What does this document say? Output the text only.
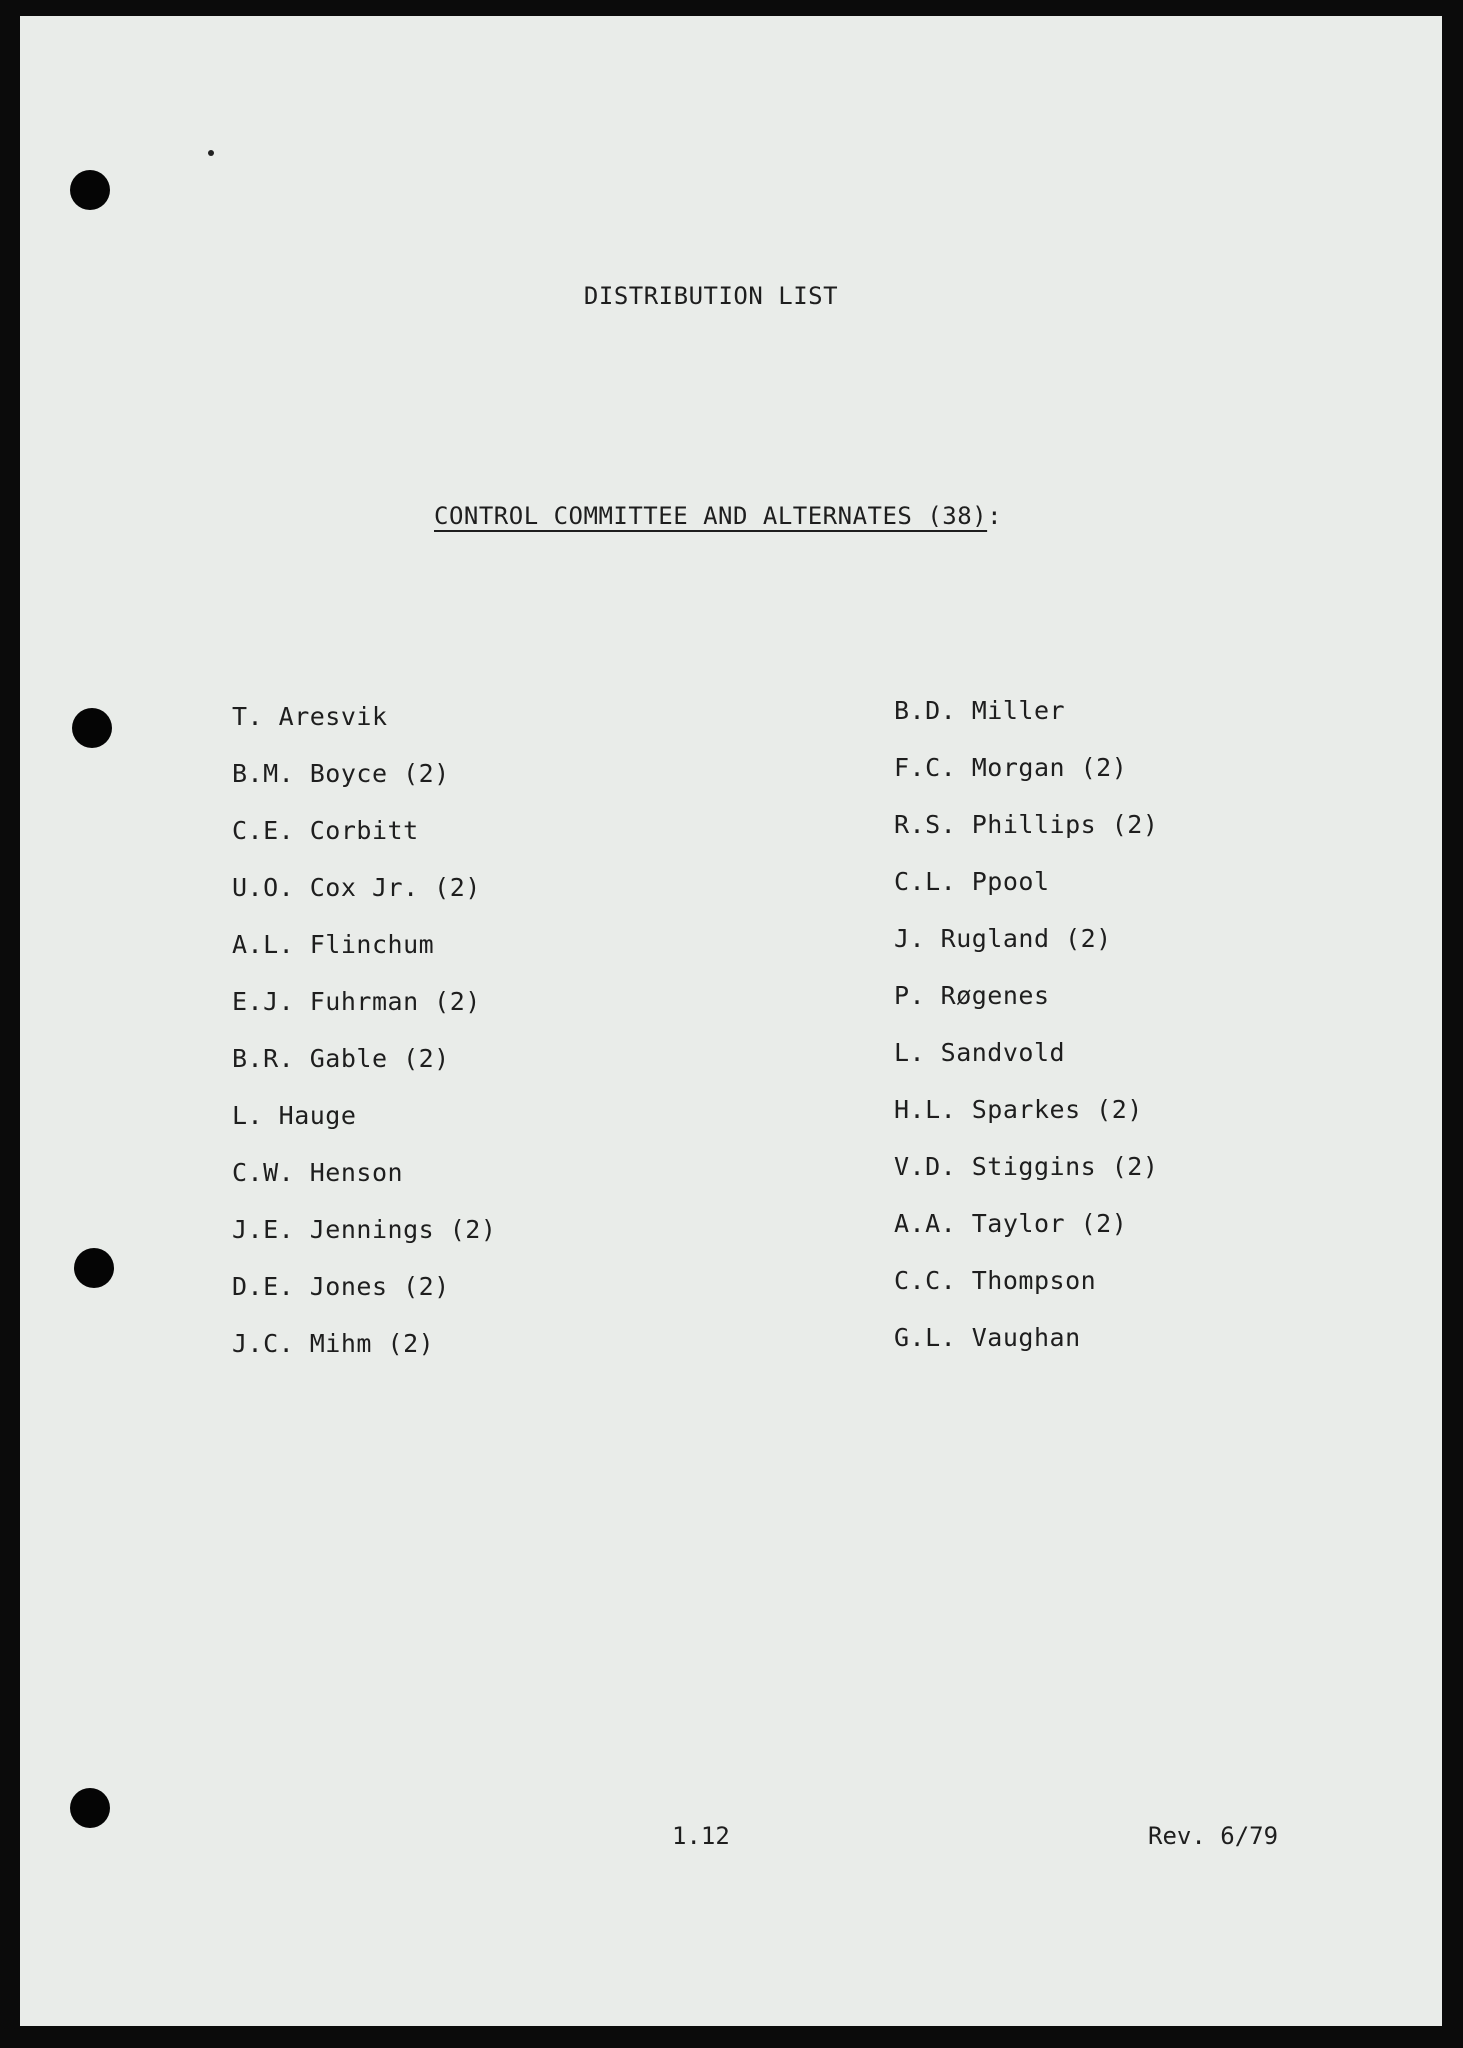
DISTRIBUTION LIST
CONTROL COMMITTEE AND ALTERNATES (38):
T. Aresvik
B.M. Boyce (2)
C.E. Corbitt
U.O. Cox Jr. (2)
A.L. Flinchum
E.J. Fuhrman (2)
B.R. Gable (2)
L. Hauge
C.W. Henson
J.E. Jennings (2)
D.E. Jones (2)
J.C. Mihm (2)
B.D. Miller
F.C. Morgan (2)
R.S. Phillips (2)
C.L. Ppool
J. Rugland (2)
P. Røgenes
L. Sandvold
H.L. Sparkes (2)
V.D. Stiggins (2)
A.A. Taylor (2)
C.C. Thompson
G.L. Vaughan
1.12	Rev. 6/79
